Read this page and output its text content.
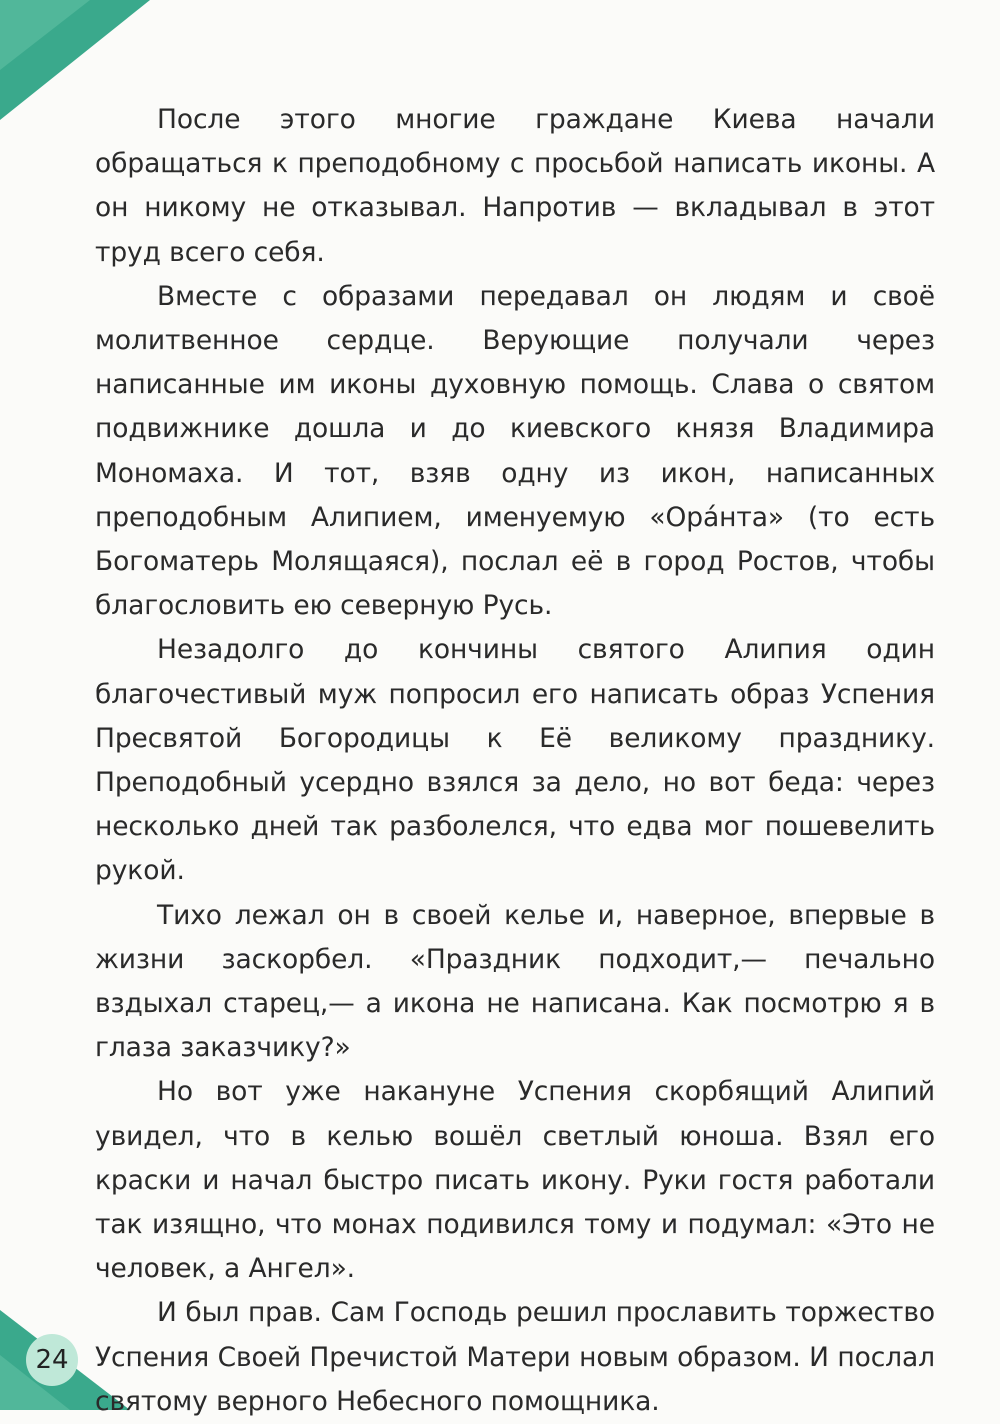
После этого многие граждане Киева начали обращаться к преподобному с просьбой написать иконы. А он никому не отказывал. Напротив — вкладывал в этот труд всего себя.

Вместе с образами передавал он людям и своё молитвенное сердце. Верующие получали через написанные им иконы духовную помощь. Слава о святом подвижнике дошла и до киевского князя Владимира Мономаха. И тот, взяв одну из икон, написанных преподобным Алипием, именуемую «Ора́нта» (то есть Богоматерь Молящаяся), послал её в город Ростов, чтобы благословить ею северную Русь.

Незадолго до кончины святого Алипия один благочестивый муж попросил его написать образ Успения Пресвятой Богородицы к Её великому празднику. Преподобный усердно взялся за дело, но вот беда: через несколько дней так разболелся, что едва мог пошевелить рукой.

Тихо лежал он в своей келье и, наверное, впервые в жизни заскорбел. «Праздник подходит,— печально вздыхал старец,— а икона не написана. Как посмотрю я в глаза заказчику?»

Но вот уже накануне Успения скорбящий Алипий увидел, что в келью вошёл светлый юноша. Взял его краски и начал быстро писать икону. Руки гостя работали так изящно, что монах подивился тому и подумал: «Это не человек, а Ангел».

И был прав. Сам Господь решил прославить торжество Успения Своей Пречистой Матери новым образом. И послал святому верного Небесного помощника.

24
